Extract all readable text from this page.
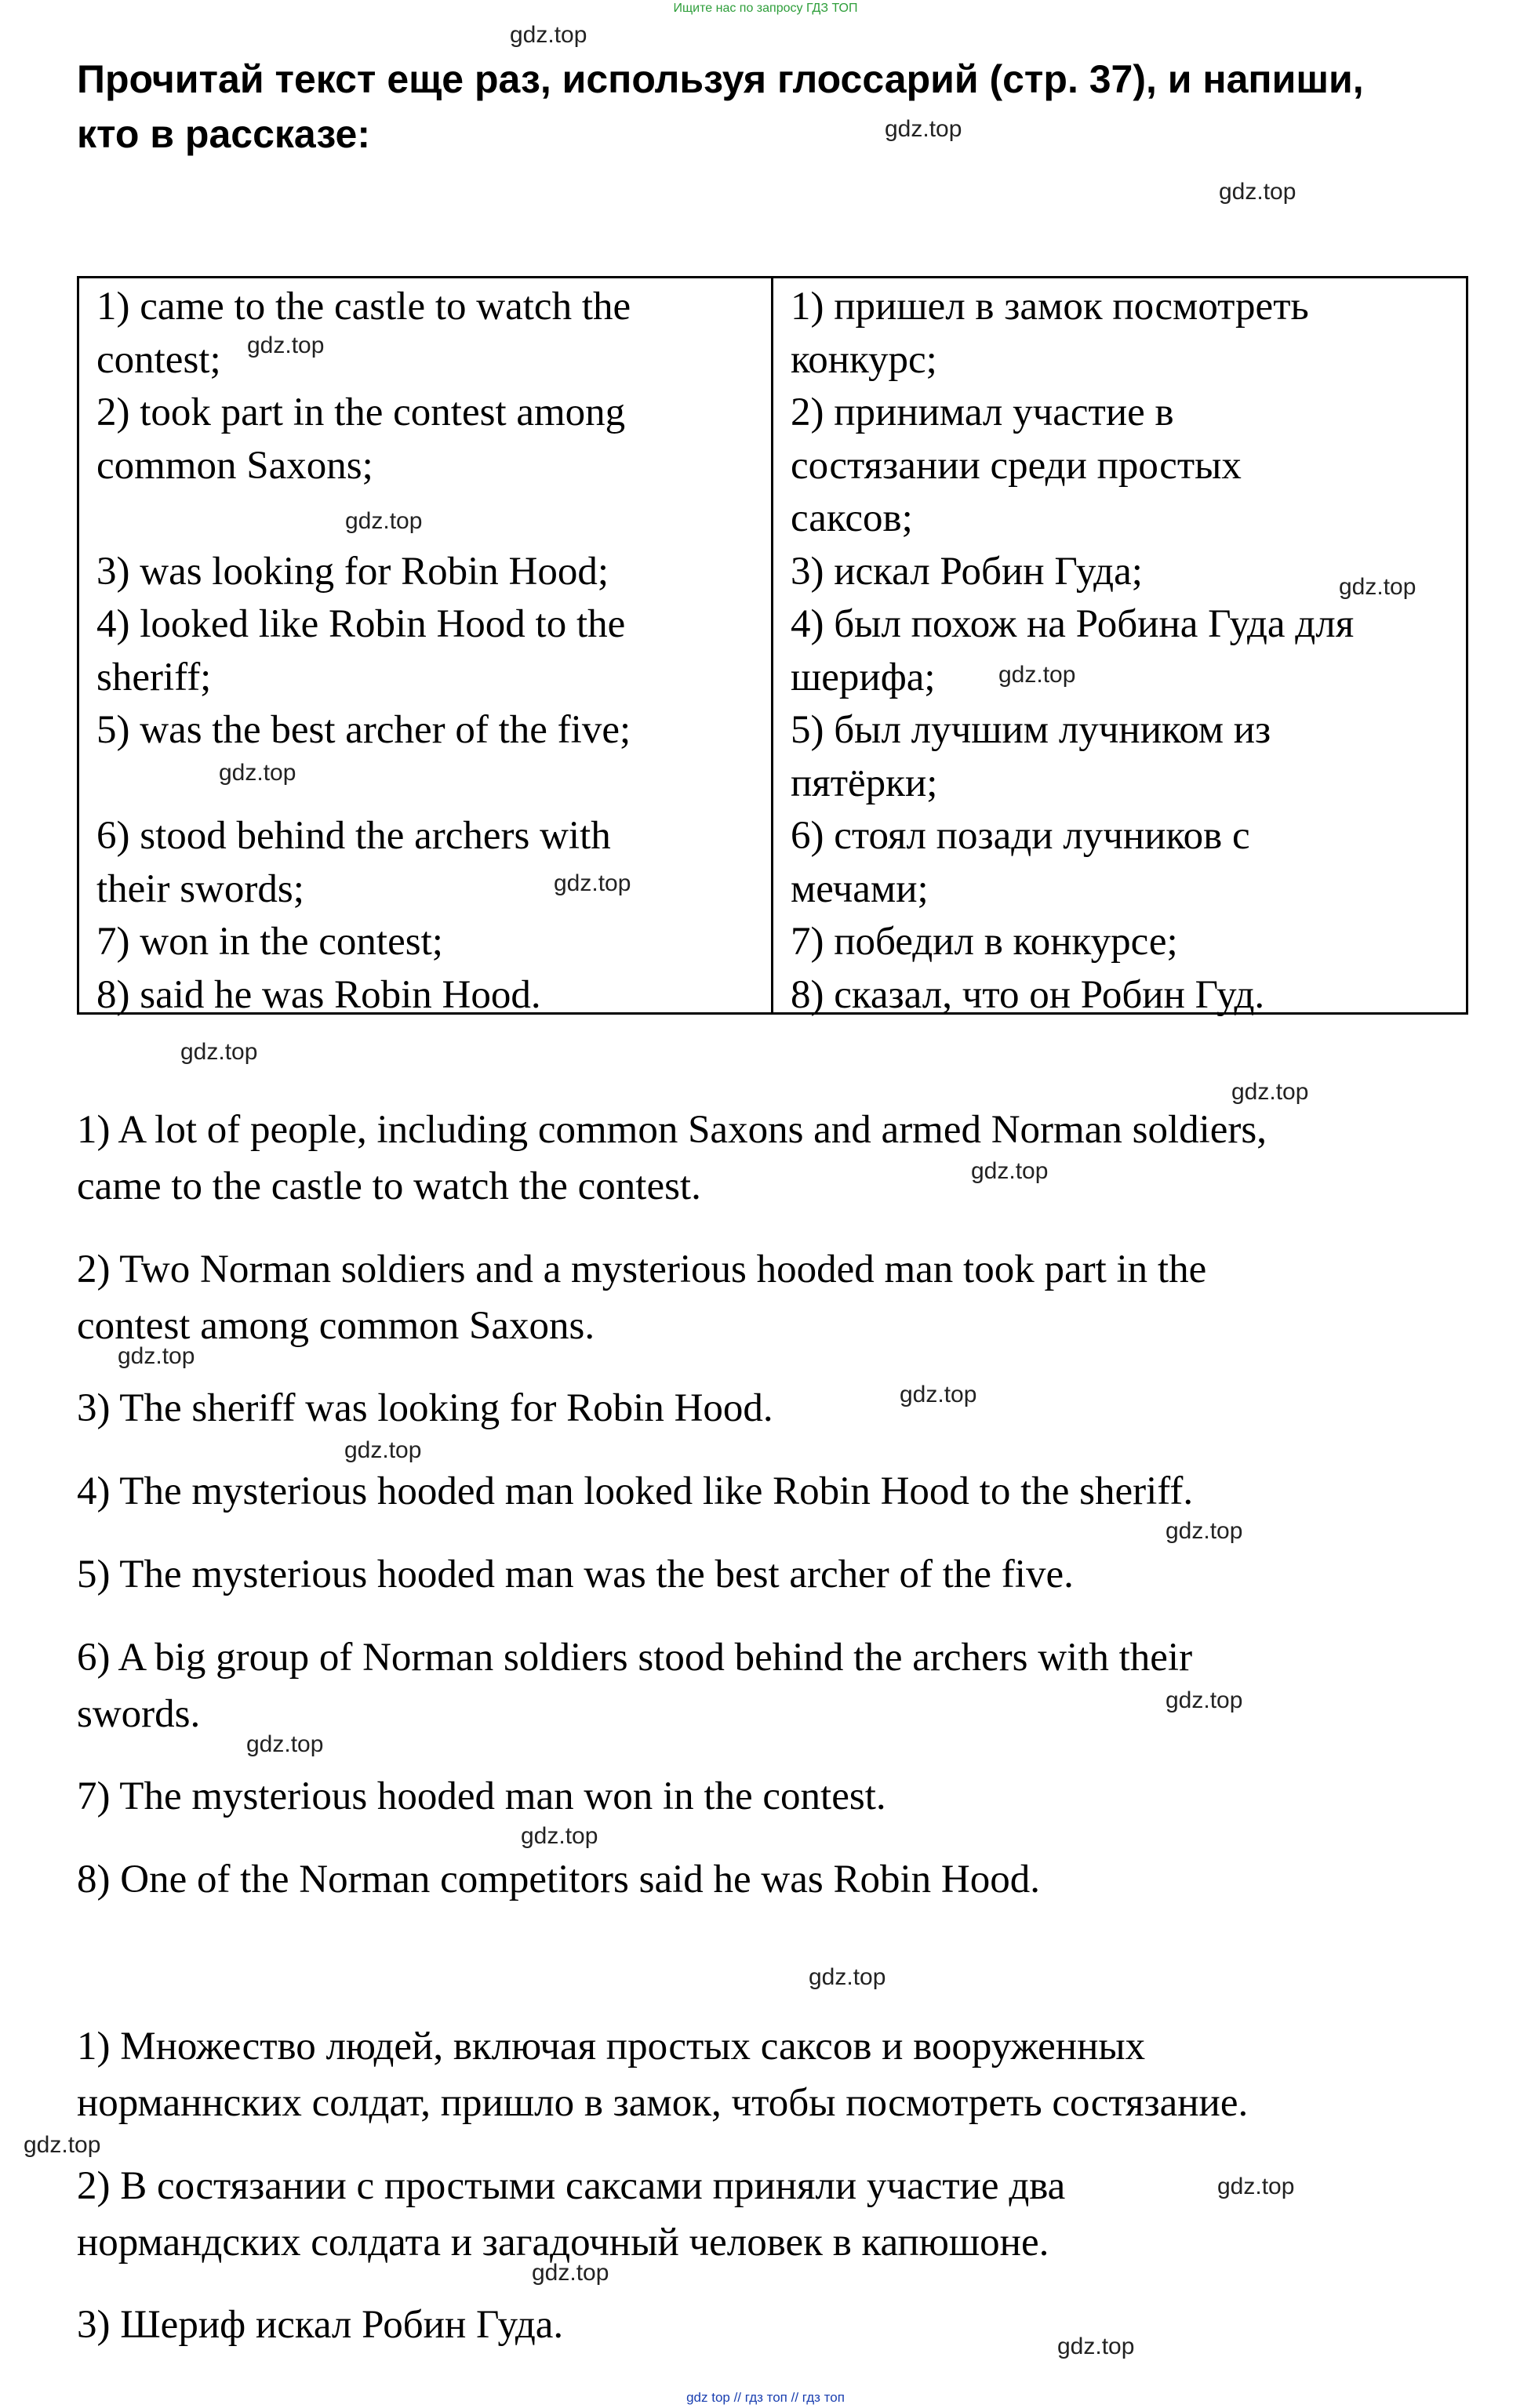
Ищите нас по запросу ГДЗ ТОП
Прочитай текст еще раз, используя глоссарий (стр. 37), и напиши,
кто в рассказе:
1) came to the castle to watch the
contest;
2) took part in the contest among
common Saxons;
3) was looking for Robin Hood;
4) looked like Robin Hood to the
sheriff;
5) was the best archer of the five;
6) stood behind the archers with
their swords;
7) won in the contest;
8) said he was Robin Hood.
1) пришел в замок посмотреть
конкурс;
2) принимал участие в
состязании среди простых
саксов;
3) искал Робин Гуда;
4) был похож на Робина Гуда для
шерифа;
5) был лучшим лучником из
пятёрки;
6) стоял позади лучников с
мечами;
7) победил в конкурсе;
8) сказал, что он Робин Гуд.
1) A lot of people, including common Saxons and armed Norman soldiers,
came to the castle to watch the contest.
2) Two Norman soldiers and a mysterious hooded man took part in the
contest among common Saxons.
3) The sheriff was looking for Robin Hood.
4) The mysterious hooded man looked like Robin Hood to the sheriff.
5) The mysterious hooded man was the best archer of the five.
6) A big group of Norman soldiers stood behind the archers with their
swords.
7) The mysterious hooded man won in the contest.
8) One of the Norman competitors said he was Robin Hood.
1) Множество людей, включая простых саксов и вооруженных
норманнских солдат, пришло в замок, чтобы посмотреть состязание.
2) В состязании с простыми саксами приняли участие два
нормандских солдата и загадочный человек в капюшоне.
3) Шериф искал Робин Гуда.
gdz.top
gdz.top
gdz.top
gdz.top
gdz.top
gdz.top
gdz.top
gdz.top
gdz.top
gdz.top
gdz.top
gdz.top
gdz.top
gdz.top
gdz.top
gdz.top
gdz.top
gdz.top
gdz.top
gdz.top
gdz.top
gdz.top
gdz.top
gdz.top
gdz top // гдз топ // гдз топ
